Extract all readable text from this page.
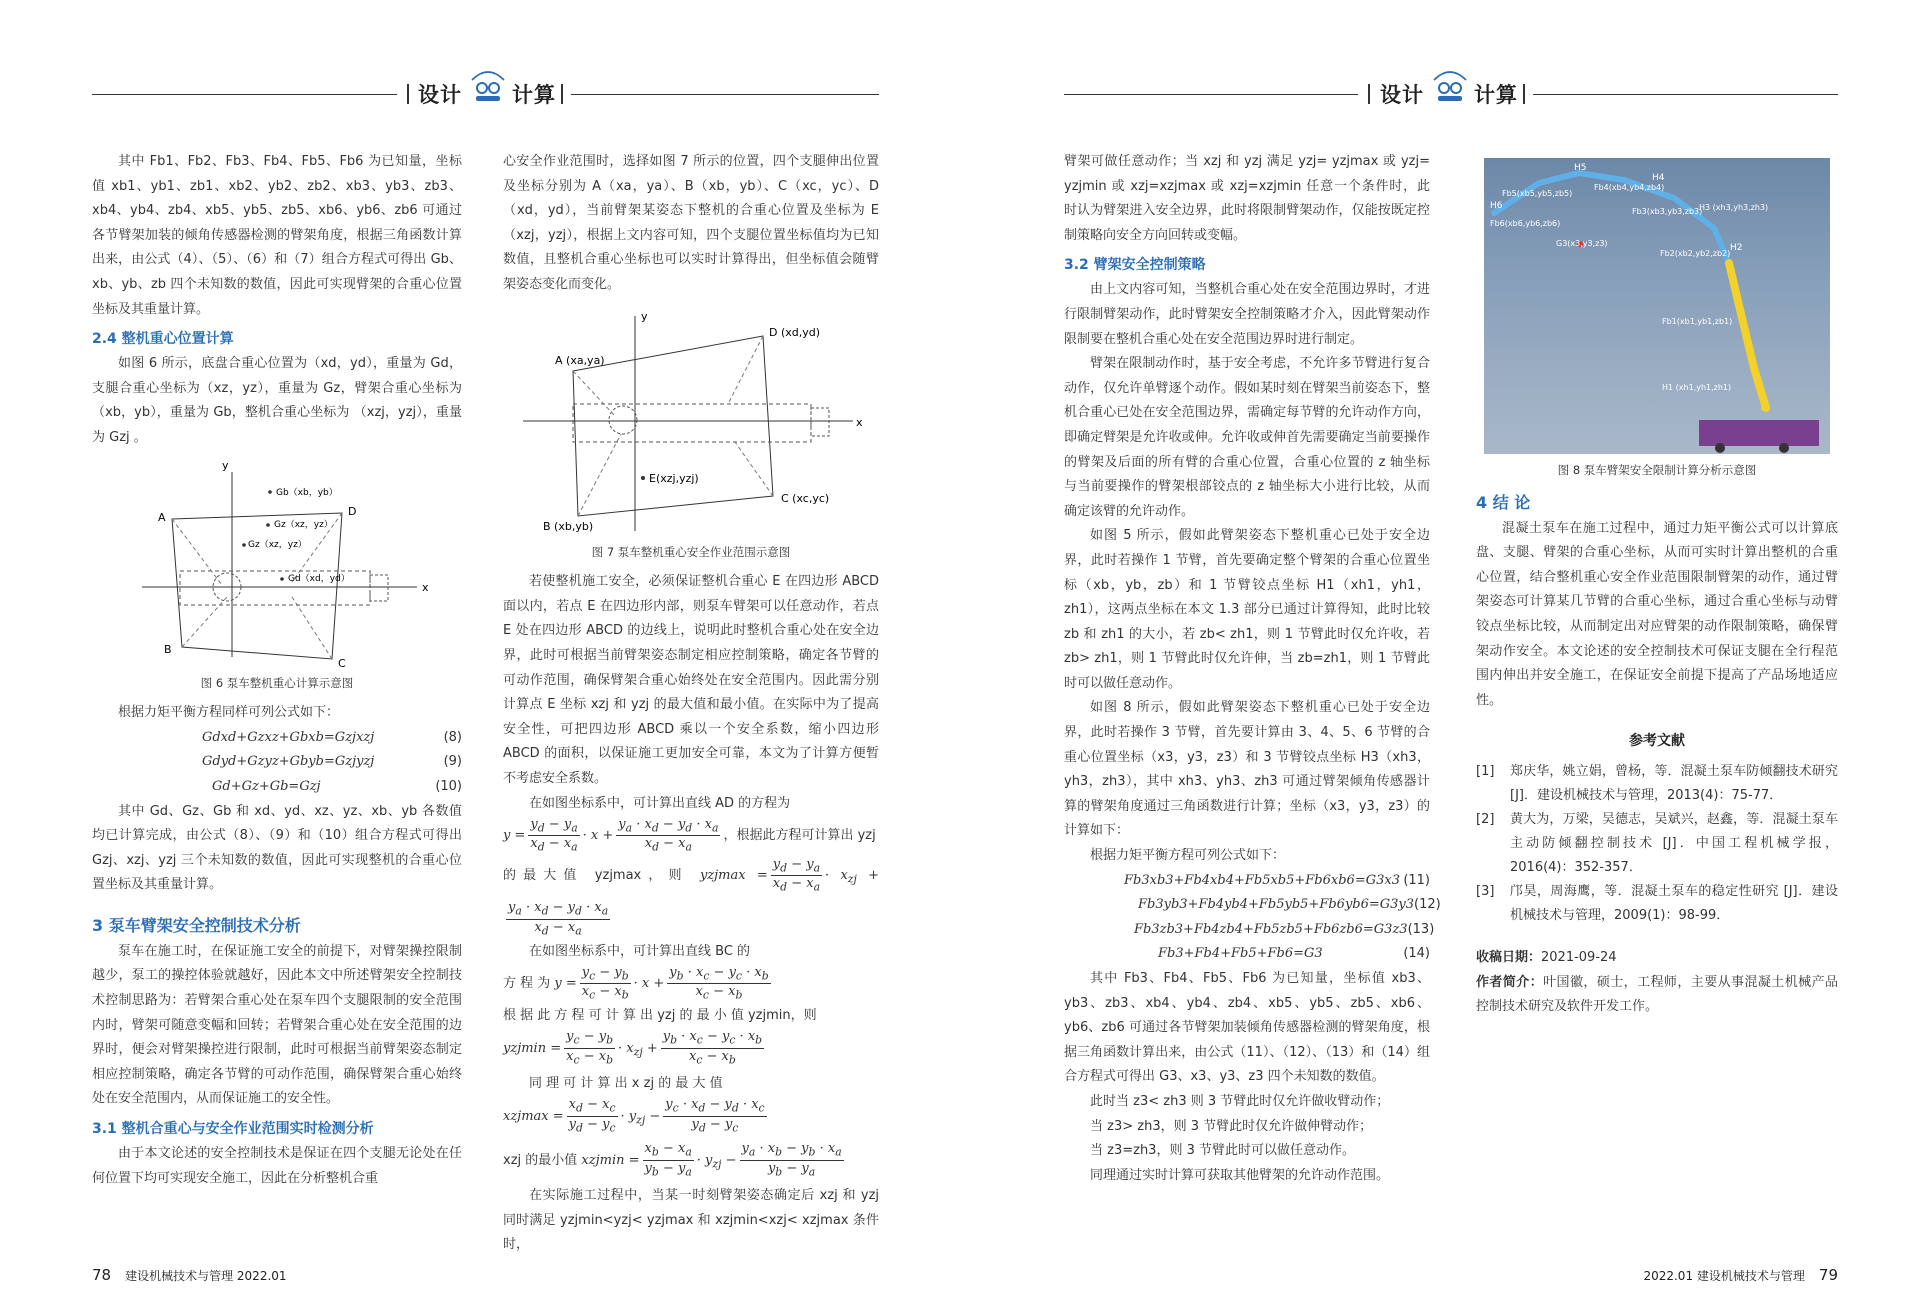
设计 计算

其中 Fb1、Fb2、Fb3、Fb4、Fb5、Fb6 为已知量，坐标值 xb1、yb1、zb1、xb2、yb2、zb2、xb3、yb3、zb3、xb4、yb4、zb4、xb5、yb5、zb5、xb6、yb6、zb6 可通过各节臂架加装的倾角传感器检测的臂架角度，根据三角函数计算出来，由公式（4）、（5）、（6）和（7）组合方程式可得出 Gb、xb、yb、zb 四个未知数的数值，因此可实现臂架的合重心位置坐标及其重量计算。

2.4 整机重心位置计算

如图 6 所示，底盘合重心位置为（xd，yd），重量为 Gd，支腿合重心坐标为（xz，yz），重量为 Gz，臂架合重心坐标为（xb，yb），重量为 Gb，整机合重心坐标为 （xzj，yzj），重量为 Gzj 。

y
x
A
B
C
D
Gb（xb，yb）
Gz（xz，yz）
Gz（xz，yz）
Gd（xd，yd）
图 6 泵车整机重心计算示意图

根据力矩平衡方程同样可列公式如下：

Gdxd+Gzxz+Gbxb=Gzjxzj	(8)
Gdyd+Gzyz+Gbyb=Gzjyzj	(9)
Gd+Gz+Gb=Gzj	(10)

其中 Gd、Gz、Gb 和 xd、yd、xz、yz、xb、yb 各数值均已计算完成，由公式（8）、（9）和（10）组合方程式可得出 Gzj、xzj、yzj 三个未知数的数值，因此可实现整机的合重心位置坐标及其重量计算。

3 泵车臂架安全控制技术分析

泵车在施工时，在保证施工安全的前提下，对臂架操控限制越少，泵工的操控体验就越好，因此本文中所述臂架安全控制技术控制思路为：若臂架合重心处在泵车四个支腿限制的安全范围内时，臂架可随意变幅和回转；若臂架合重心处在安全范围的边界时，便会对臂架操控进行限制，此时可根据当前臂架姿态制定相应控制策略，确定各节臂的可动作范围，确保臂架合重心始终处在安全范围内，从而保证施工的安全性。

3.1 整机合重心与安全作业范围实时检测分析

由于本文论述的安全控制技术是保证在四个支腿无论处在任何位置下均可实现安全施工，因此在分析整机合重

心安全作业范围时，选择如图 7 所示的位置，四个支腿伸出位置及坐标分别为 A（xa，ya）、B（xb，yb）、C（xc，yc）、D（xd，yd），当前臂架某姿态下整机的合重心位置及坐标为 E（xzj，yzj），根据上文内容可知，四个支腿位置坐标值均为已知数值，且整机合重心坐标也可以实时计算得出，但坐标值会随臂架姿态变化而变化。

y
x
A (xa,ya)
B (xb,yb)
C (xc,yc)
D (xd,yd)
E(xzj,yzj)
图 7 泵车整机重心安全作业范围示意图

若使整机施工安全，必须保证整机合重心 E 在四边形 ABCD 面以内，若点 E 在四边形内部，则泵车臂架可以任意动作，若点 E 处在四边形 ABCD 的边线上，说明此时整机合重心处在安全边界，此时可根据当前臂架姿态制定相应控制策略，确定各节臂的可动作范围，确保臂架合重心始终处在安全范围内。因此需分别计算点 E 坐标 xzj 和 yzj 的最大值和最小值。在实际中为了提高安全性，可把四边形 ABCD 乘以一个安全系数，缩小四边形 ABCD 的面积，以保证施工更加安全可靠，本文为了计算方便暂不考虑安全系数。

在如图坐标系中，可计算出直线 AD 的方程为

$y = \frac{y_d - y_a}{x_d - x_a} \cdot x + \frac{y_a \cdot x_d - y_d \cdot x_a}{x_d - x_a}$ ，根据此方程可计算出 yzj
的最大值 yzjmax，则 $yzjmax = \frac{y_d - y_a}{x_d - x_a} \cdot x_{zj}$ +
$\frac{y_a \cdot x_d - y_d \cdot x_a}{x_d - x_a}$

在如图坐标系中，可计算出直线 BC 的

方 程 为 $y = \frac{y_c - y_b}{x_c - x_b} \cdot x + \frac{y_b \cdot x_c - y_c \cdot x_b}{x_c - x_b}$

根 据 此 方 程 可 计 算 出 yzj 的 最 小 值 yzjmin，则

$yzjmin = \frac{y_c - y_b}{x_c - x_b} \cdot x_{zj} + \frac{y_b \cdot x_c - y_c \cdot x_b}{x_c - x_b}$

同 理 可 计 算 出 x zj 的 最 大 值

$xzjmax = \frac{x_d - x_c}{y_d - y_c} \cdot y_{zj} - \frac{y_c \cdot x_d - y_d \cdot x_c}{y_d - y_c}$
xzj 的最小值 $xzjmin = \frac{x_b - x_a}{y_b - y_a} \cdot y_{zj} - \frac{y_a \cdot x_b - y_b \cdot x_a}{y_b - y_a}$

在实际施工过程中，当某一时刻臂架姿态确定后 xzj 和 yzj 同时满足 yzjmin<yzj< yzjmax 和 xzjmin<xzj< xzjmax 条件时，

78 建设机械技术与管理 2022.01
设计 计算

臂架可做任意动作；当 xzj 和 yzj 满足 yzj= yzjmax 或 yzj= yzjmin 或 xzj=xzjmax 或 xzj=xzjmin 任意一个条件时，此时认为臂架进入安全边界，此时将限制臂架动作，仅能按既定控制策略向安全方向回转或变幅。

3.2 臂架安全控制策略

由上文内容可知，当整机合重心处在安全范围边界时，才进行限制臂架动作，此时臂架安全控制策略才介入，因此臂架动作限制要在整机合重心处在安全范围边界时进行制定。

臂架在限制动作时，基于安全考虑，不允许多节臂进行复合动作，仅允许单臂逐个动作。假如某时刻在臂架当前姿态下，整机合重心已处在安全范围边界，需确定每节臂的允许动作方向，即确定臂架是允许收或伸。允许收或伸首先需要确定当前要操作的臂架及后面的所有臂的合重心位置，合重心位置的 z 轴坐标与当前要操作的臂架根部铰点的 z 轴坐标大小进行比较，从而确定该臂的允许动作。

如图 5 所示，假如此臂架姿态下整机重心已处于安全边界，此时若操作 1 节臂，首先要确定整个臂架的合重心位置坐标（xb，yb，zb）和 1 节臂铰点坐标 H1（xh1，yh1，zh1），这两点坐标在本文 1.3 部分已通过计算得知，此时比较 zb 和 zh1 的大小，若 zb< zh1，则 1 节臂此时仅允许收，若 zb> zh1，则 1 节臂此时仅允许伸，当 zb=zh1，则 1 节臂此时可以做任意动作。

如图 8 所示，假如此臂架姿态下整机重心已处于安全边界，此时若操作 3 节臂，首先要计算由 3、4、5、6 节臂的合重心位置坐标（x3，y3，z3）和 3 节臂铰点坐标 H3（xh3，yh3，zh3），其中 xh3、yh3、zh3 可通过臂架倾角传感器计算的臂架角度通过三角函数进行计算；坐标（x3，y3，z3）的计算如下：

根据力矩平衡方程可列公式如下：

Fb3xb3+Fb4xb4+Fb5xb5+Fb6xb6=G3x3 (11)
Fb3yb3+Fb4yb4+Fb5yb5+Fb6yb6=G3y3 (12)
Fb3zb3+Fb4zb4+Fb5zb5+Fb6zb6=G3z3 (13)
Fb3+Fb4+Fb5+Fb6=G3	(14)

其中 Fb3、Fb4、Fb5、Fb6 为已知量，坐标值 xb3、yb3、zb3、xb4、yb4、zb4、xb5、yb5、zb5、xb6、yb6、zb6 可通过各节臂架加装倾角传感器检测的臂架角度，根据三角函数计算出来，由公式（11）、（12）、（13）和（14）组合方程式可得出 G3、x3、y3、z3 四个未知数的数值。

此时当 z3< zh3 则 3 节臂此时仅允许做收臂动作；

当 z3> zh3，则 3 节臂此时仅允许做伸臂动作；

当 z3=zh3，则 3 节臂此时可以做任意动作。

同理通过实时计算可获取其他臂架的允许动作范围。

H5
H4
H6	H3 (xh3,yh3,zh3)
H2
H1 (xh1,yh1,zh1)
Fb5(xb5,yb5,zb5)
Fb4(xb4,yb4,zb4)
Fb3(xb3,yb3,zb3)
Fb6(xb6,yb6,zb6)
G3(x3,y3,z3)
Fb2(xb2,yb2,zb2)
Fb1(xb1,yb1,zb1)
图 8 泵车臂架安全限制计算分析示意图
4 结 论

混凝土泵车在施工过程中，通过力矩平衡公式可以计算底盘、支腿、臂架的合重心坐标，从而可实时计算出整机的合重心位置，结合整机重心安全作业范围限制臂架的动作，通过臂架姿态可计算某几节臂的合重心坐标，通过合重心坐标与动臂铰点坐标比较，从而制定出对应臂架的动作限制策略，确保臂架动作安全。本文论述的安全控制技术可保证支腿在全行程范围内伸出并安全施工，在保证安全前提下提高了产品场地适应性。

参考文献
[1]	郑庆华，姚立娟，曾杨，等．混凝土泵车防倾翻技术研究 [J]．建设机械技术与管理，2013(4)：75-77．
[2]	黄大为，万梁，吴德志，吴斌兴，赵鑫，等．混凝土泵车主动防倾翻控制技术 [J]．中国工程机械学报，2016(4)：352-357．
[3]	邝昊，周海鹰，等．混凝土泵车的稳定性研究 [J]．建设机械技术与管理，2009(1)：98-99．
收稿日期：2021-09-24
作者简介：叶国徽，硕士，工程师，主要从事混凝土机械产品控制技术研究及软件开发工作。
2022.01 建设机械技术与管理 79
